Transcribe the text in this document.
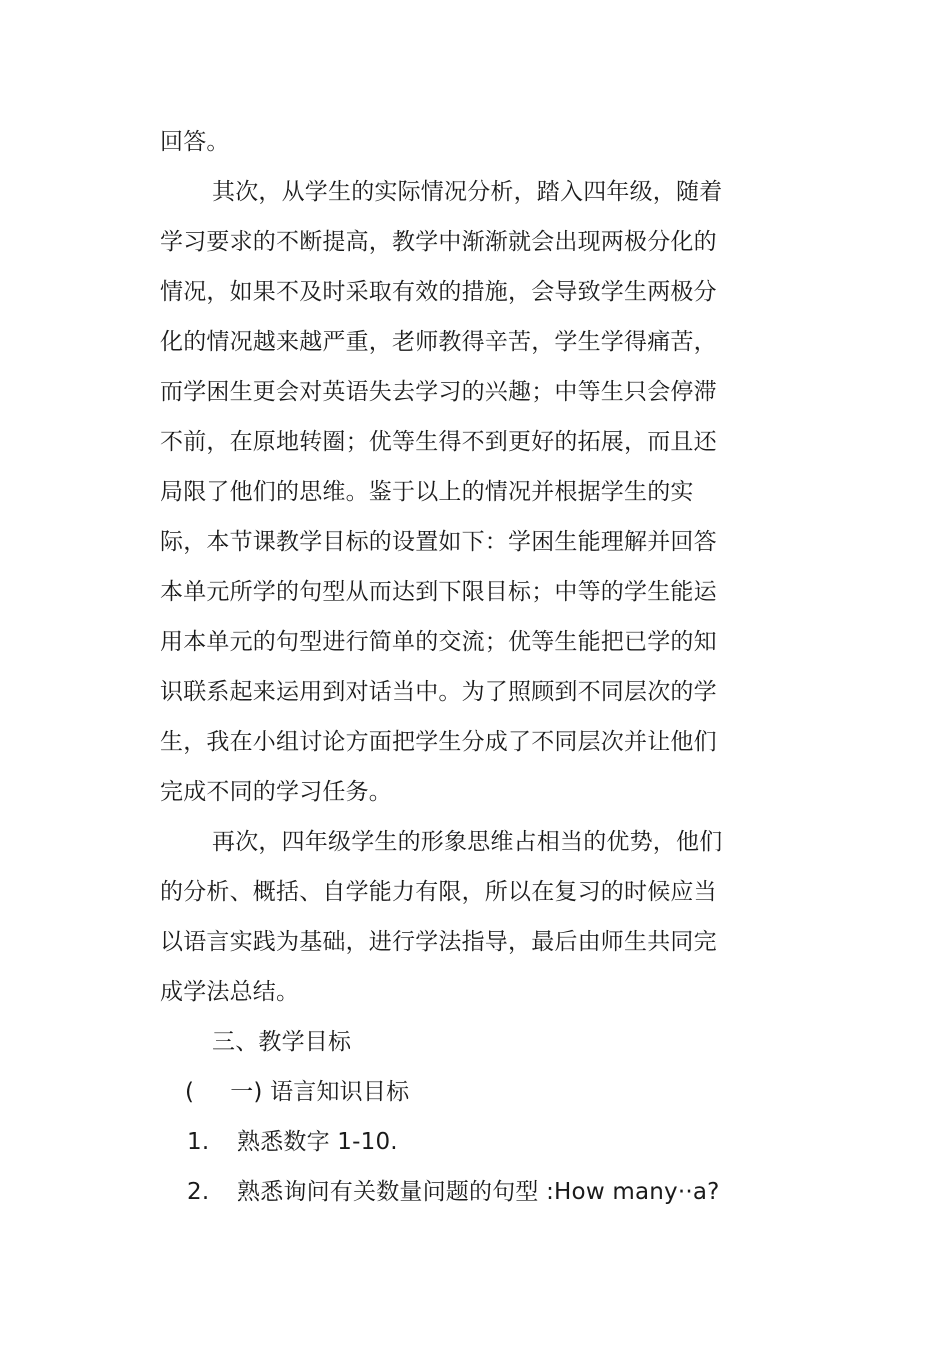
回答。
其次，从学生的实际情况分析，踏入四年级，随着
学习要求的不断提高，教学中渐渐就会出现两极分化的
情况，如果不及时采取有效的措施，会导致学生两极分
化的情况越来越严重，老师教得辛苦，学生学得痛苦，
而学困生更会对英语失去学习的兴趣；中等生只会停滞
不前，在原地转圈；优等生得不到更好的拓展，而且还
局限了他们的思维。鉴于以上的情况并根据学生的实
际，本节课教学目标的设置如下：学困生能理解并回答
本单元所学的句型从而达到下限目标；中等的学生能运
用本单元的句型进行简单的交流；优等生能把已学的知
识联系起来运用到对话当中。为了照顾到不同层次的学
生，我在小组讨论方面把学生分成了不同层次并让他们
完成不同的学习任务。
再次，四年级学生的形象思维占相当的优势，他们
的分析、概括、自学能力有限，所以在复习的时候应当
以语言实践为基础，进行学法指导，最后由师生共同完
成学法总结。
三、教学目标
( 一) 语言知识目标
1. 熟悉数字 1-10.
2. 熟悉询问有关数量问题的句型 :How many··a?
